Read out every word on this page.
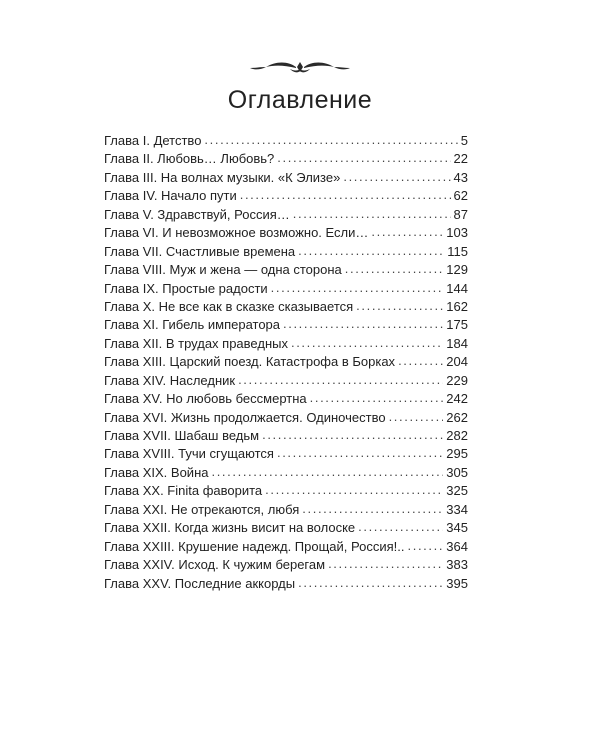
Оглавление
Глава I. Детство . . .	5
Глава II. Любовь… Любовь? . . .	22
Глава III. На волнах музыки. «К Элизе» . . .	43
Глава IV. Начало пути . . .	62
Глава V. Здравствуй, Россия… . . .	87
Глава VI. И невозможное возможно. Если… . . .	103
Глава VII. Счастливые времена . . .	115
Глава VIII. Муж и жена — одна сторона . . .	129
Глава IX. Простые радости . . .	144
Глава X. Не все как в сказке сказывается . . .	162
Глава XI. Гибель императора . . .	175
Глава XII. В трудах праведных . . .	184
Глава XIII. Царский поезд. Катастрофа в Борках . . .	204
Глава XIV. Наследник . . .	229
Глава XV. Но любовь бессмертна . . .	242
Глава XVI. Жизнь продолжается. Одиночество . . .	262
Глава XVII. Шабаш ведьм . . .	282
Глава XVIII. Тучи сгущаются . . .	295
Глава XIX. Война . . .	305
Глава XX. Finita фаворита . . .	325
Глава XXI. Не отрекаются, любя . . .	334
Глава XXII. Когда жизнь висит на волоске . . .	345
Глава XXIII. Крушение надежд. Прощай, Россия!.. . . .	364
Глава XXIV. Исход. К чужим берегам . . .	383
Глава XXV. Последние аккорды . . .	395
